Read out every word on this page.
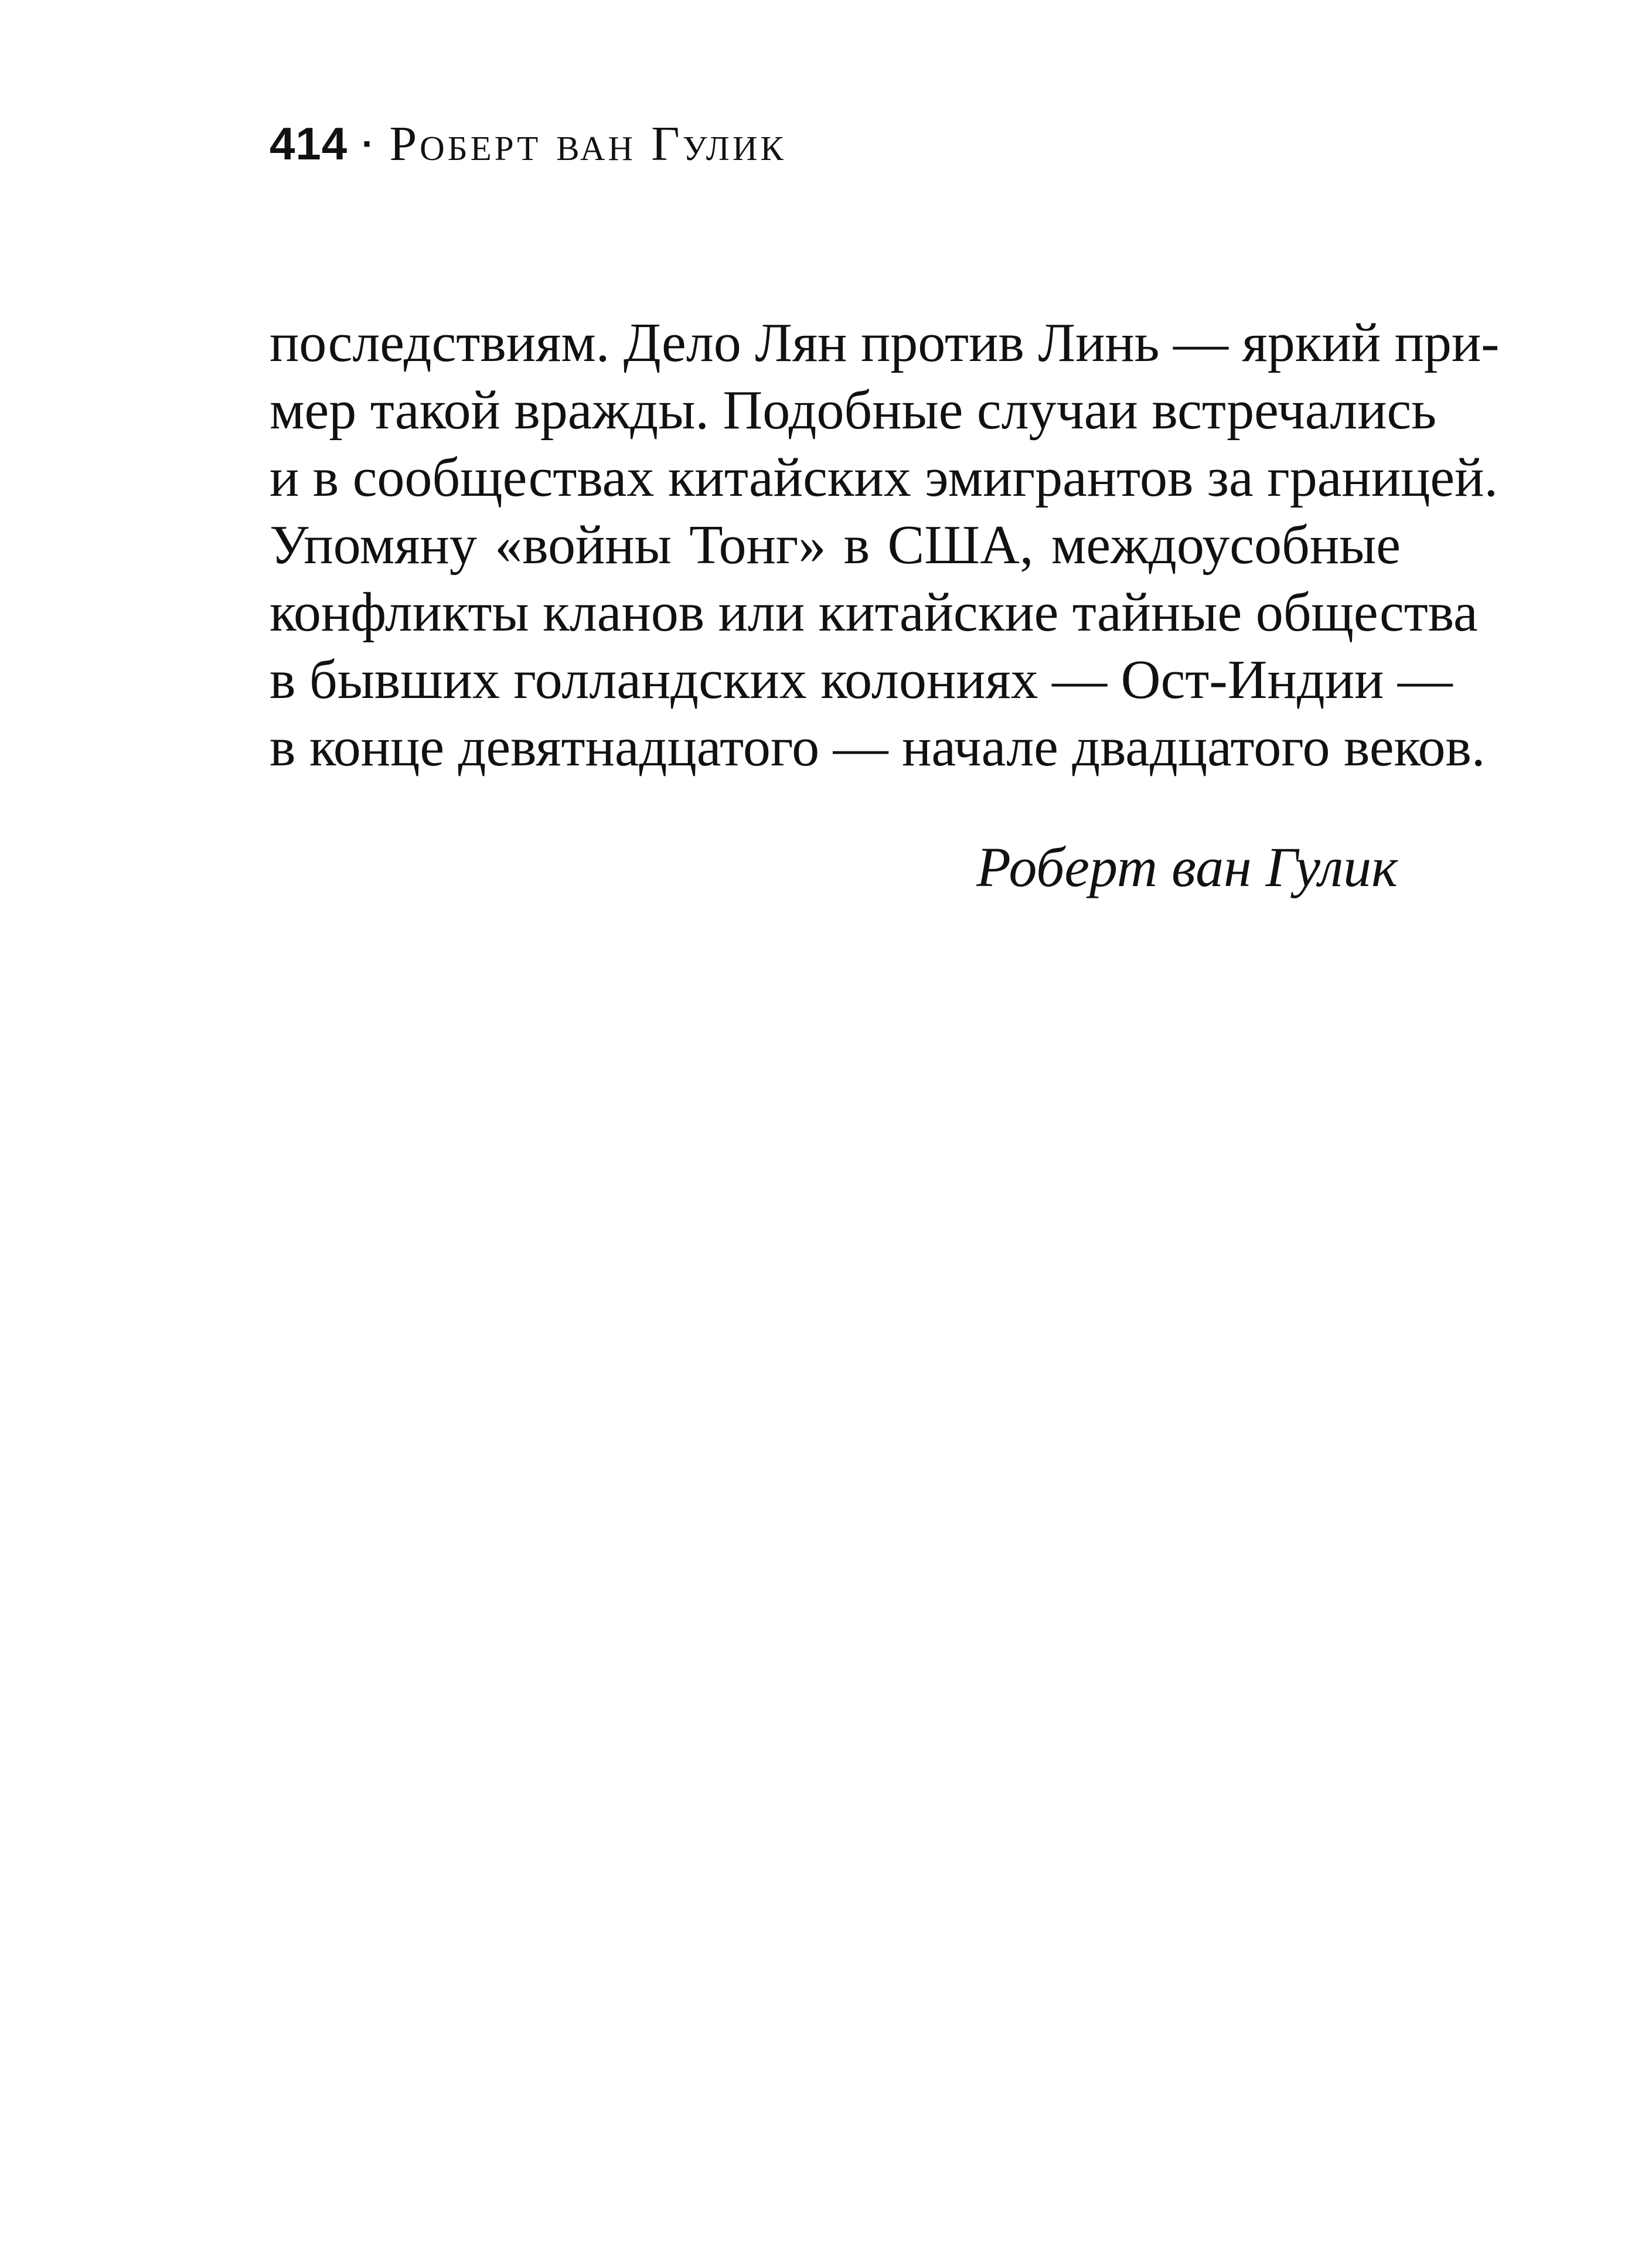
414 · Роберт ван Гулик
последствиям. Дело Лян против Линь — яркий при-
мер такой вражды. Подобные случаи встречались
и в сообществах китайских эмигрантов за границей.
Упомяну «войны Тонг» в США, междоусобные
конфликты кланов или китайские тайные общества
в бывших голландских колониях — Ост-Индии —
в конце девятнадцатого — начале двадцатого веков.
Роберт ван Гулик
